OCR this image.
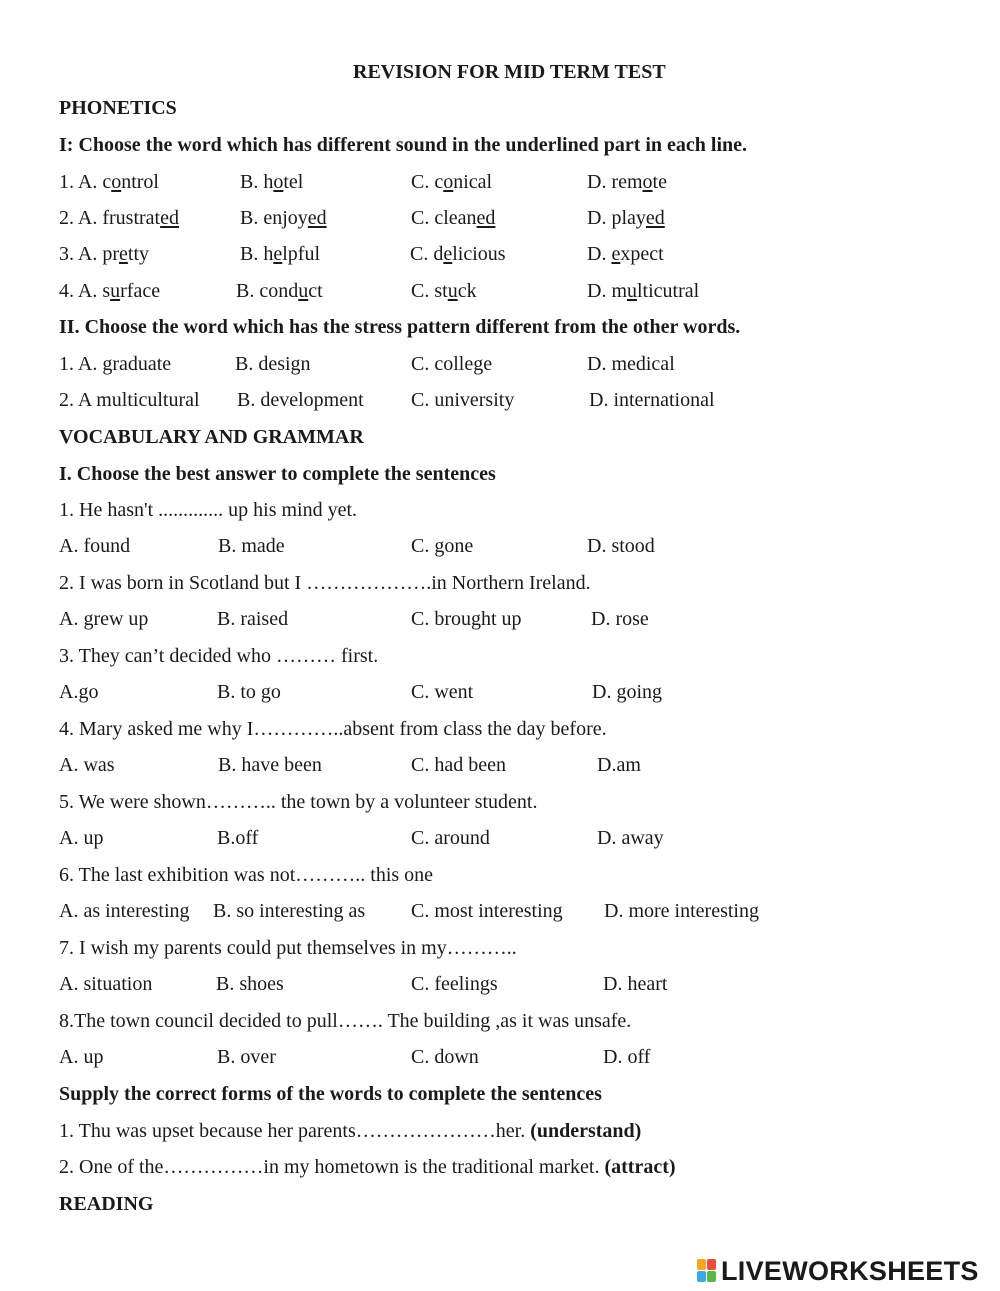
REVISION FOR MID TERM TEST
PHONETICS
I: Choose the word which has different sound in the underlined part in each line.
1. A. control	B. hotel	C. conical	D. remote
2. A. frustrated	B. enjoyed	C. cleaned	D. played
3. A. pretty	B. helpful	C. delicious	D. expect
4. A. surface	B. conduct	C. stuck	D. multicutral
II. Choose the word which has the stress pattern different from the other words.
1. A. graduate	B. design	C. college	D. medical
2. A multicultural B. development C. university	D. international
VOCABULARY AND GRAMMAR
I. Choose the best answer to complete the sentences
1. He hasn't ............. up his mind yet.
A. found	B. made	C. gone	D. stood
2. I was born in Scotland but I ……………….in Northern Ireland.
A. grew up	B. raised	C. brought up	D. rose
3. They can’t decided who ……… first.
A.go	B. to go	C. went	D. going
4. Mary asked me why I…………..absent from class the day before.
A. was	B. have been	C. had been	D.am
5. We were shown……….. the town by a volunteer student.
A. up	B.off	C. around	D. away
6. The last exhibition was not……….. this one
A. as interesting B. so interesting as C. most interesting D. more interesting
7. I wish my parents could put themselves in my………..
A. situation	B. shoes	C. feelings	D. heart
8.The town council decided to pull……. The building ,as it was unsafe.
A. up	B. over	C. down	D. off
Supply the correct forms of the words to complete the sentences
1. Thu was upset because her parents…………………her. (understand)
2. One of the……………in my hometown is the traditional market. (attract)
READING
LIVEWORKSHEETS
